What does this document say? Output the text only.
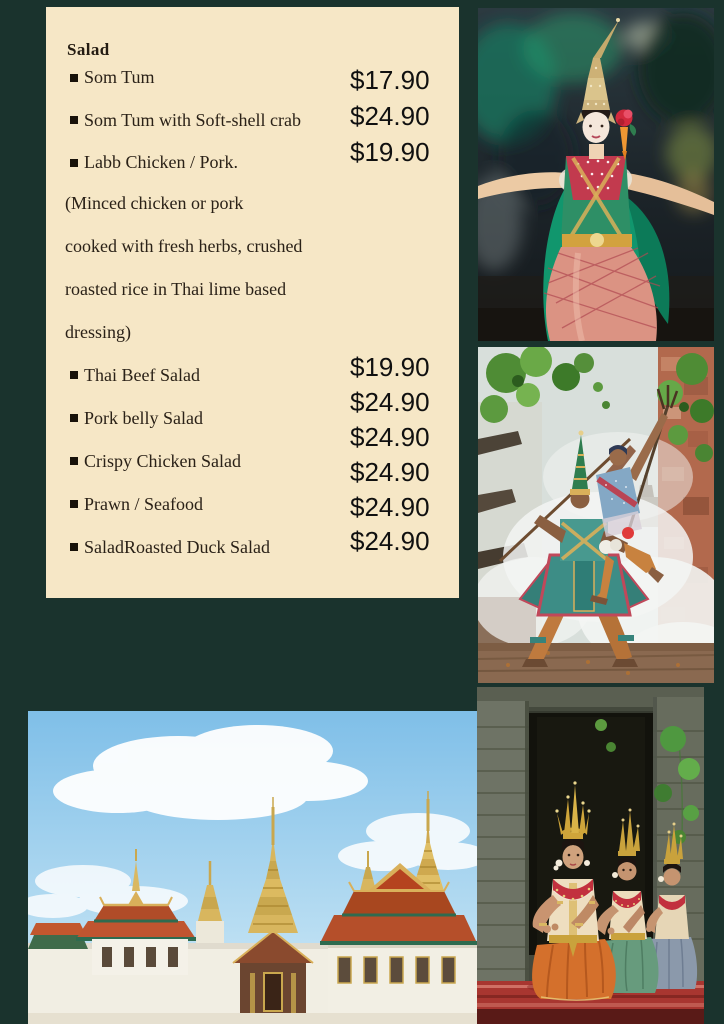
Salad
Som Tum
Som Tum with Soft-shell crab
Labb Chicken / Pork.
$17.90
$24.90
$19.90
(Minced chicken or pork
cooked with fresh herbs, crushed
roasted rice in Thai lime based
dressing)
Thai Beef Salad
Pork belly Salad
Crispy Chicken Salad
Prawn / Seafood
SaladRoasted Duck Salad
$19.90
$24.90
$24.90
$24.90
$24.90
$24.90
